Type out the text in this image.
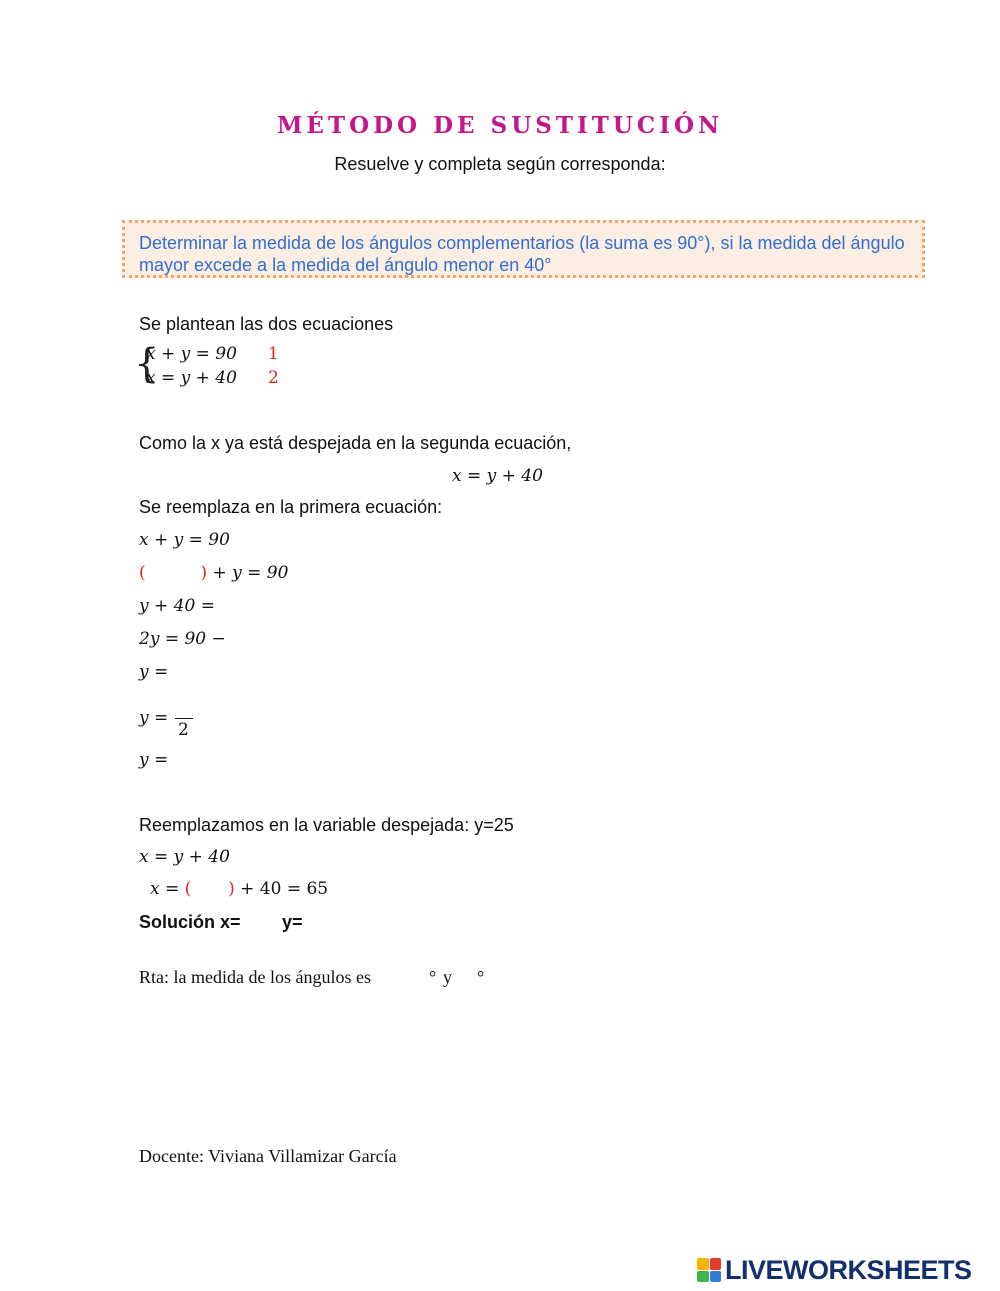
MÉTODO DE SUSTITUCIÓN
Resuelve y completa según corresponda:
Determinar la medida de los ángulos complementarios (la suma es 90°), si la medida del ángulo mayor excede a la medida del ángulo menor en 40°
Se plantean las dos ecuaciones
{
x + y = 90 1
x = y + 40 2
Como la x ya está despejada en la segunda ecuación,
x = y + 40
Se reemplaza en la primera ecuación:
x + y = 90
(	) + y = 90
y + 40 =
2y = 90 −
y =
y =
2
y =
Reemplazamos en la variable despejada: y=25
x = y + 40
x = ( ) + 40 = 65
Solución x= y=
Rta: la medida de los ángulos es	° y °
Docente: Viviana Villamizar García
LIVEWORKSHEETS
